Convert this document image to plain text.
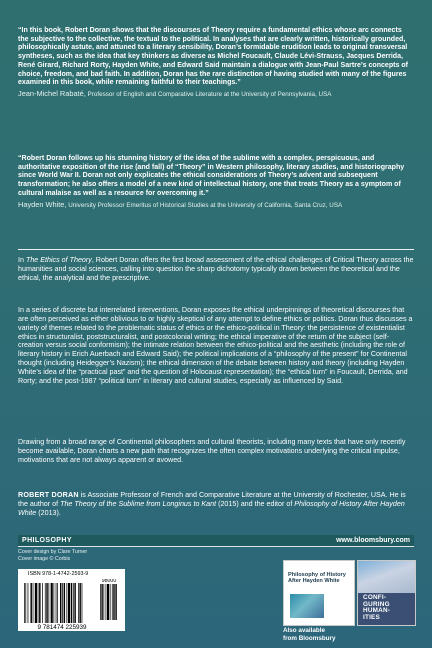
“In this book, Robert Doran shows that the discourses of Theory require a fundamental ethics whose arc connects the subjective to the collective, the textual to the political. In analyses that are clearly written, historically grounded, philosophically astute, and attuned to a literary sensibility, Doran’s formidable erudition leads to original transversal syntheses, such as the idea that key thinkers as diverse as Michel Foucault, Claude Lévi-Strauss, Jacques Derrida, René Girard, Richard Rorty, Hayden White, and Edward Said maintain a dialogue with Jean-Paul Sartre’s concepts of choice, freedom, and bad faith. In addition, Doran has the rare distinction of having studied with many of the figures examined in this book, while remaining faithful to their teachings.”

Jean-Michel Rabaté, Professor of English and Comparative Literature at the University of Pennsylvania, USA

“Robert Doran follows up his stunning history of the idea of the sublime with a complex, perspicuous, and authoritative exposition of the rise (and fall) of “Theory” in Western philosophy, literary studies, and historiography since World War II. Doran not only explicates the ethical considerations of Theory’s advent and subsequent transformation; he also offers a model of a new kind of intellectual history, one that treats Theory as a symptom of cultural malaise as well as a resource for overcoming it.”

Hayden White, University Professor Emeritus of Historical Studies at the University of California, Santa Cruz, USA

In The Ethics of Theory, Robert Doran offers the first broad assessment of the ethical challenges of Critical Theory across the humanities and social sciences, calling into question the sharp dichotomy typically drawn between the theoretical and the ethical, the analytical and the prescriptive.

In a series of discrete but interrelated interventions, Doran exposes the ethical underpinnings of theoretical discourses that are often perceived as either oblivious to or highly skeptical of any attempt to define ethics or politics. Doran thus discusses a variety of themes related to the problematic status of ethics or the ethico-political in Theory: the persistence of existentialist ethics in structuralist, poststructuralist, and postcolonial writing; the ethical imperative of the return of the subject (self-creation versus social conformism); the intimate relation between the ethico-political and the aesthetic (including the role of literary history in Erich Auerbach and Edward Said); the political implications of a “philosophy of the present” for Continental thought (including Heidegger’s Nazism); the ethical dimension of the debate between history and theory (including Hayden White’s idea of the “practical past” and the question of Holocaust representation); the “ethical turn” in Foucault, Derrida, and Rorty; and the post-1987 “political turn” in literary and cultural studies, especially as influenced by Said.

Drawing from a broad range of Continental philosophers and cultural theorists, including many texts that have only recently become available, Doran charts a new path that recognizes the often complex motivations underlying the critical impulse, motivations that are not always apparent or avowed.

ROBERT DORAN is Associate Professor of French and Comparative Literature at the University of Rochester, USA. He is the author of The Theory of the Sublime from Longinus to Kant (2015) and the editor of Philosophy of History After Hayden White (2013).

PHILOSOPHY	www.bloomsbury.com
Cover design by Clare Turner
Cover image © Corbis
ISBN 978-1-4742-2593-9
98000
9 781474 225939
Philosophy of History After Hayden White
CONFI- GURING HUMAN- ITIES
Also available
from Bloomsbury
